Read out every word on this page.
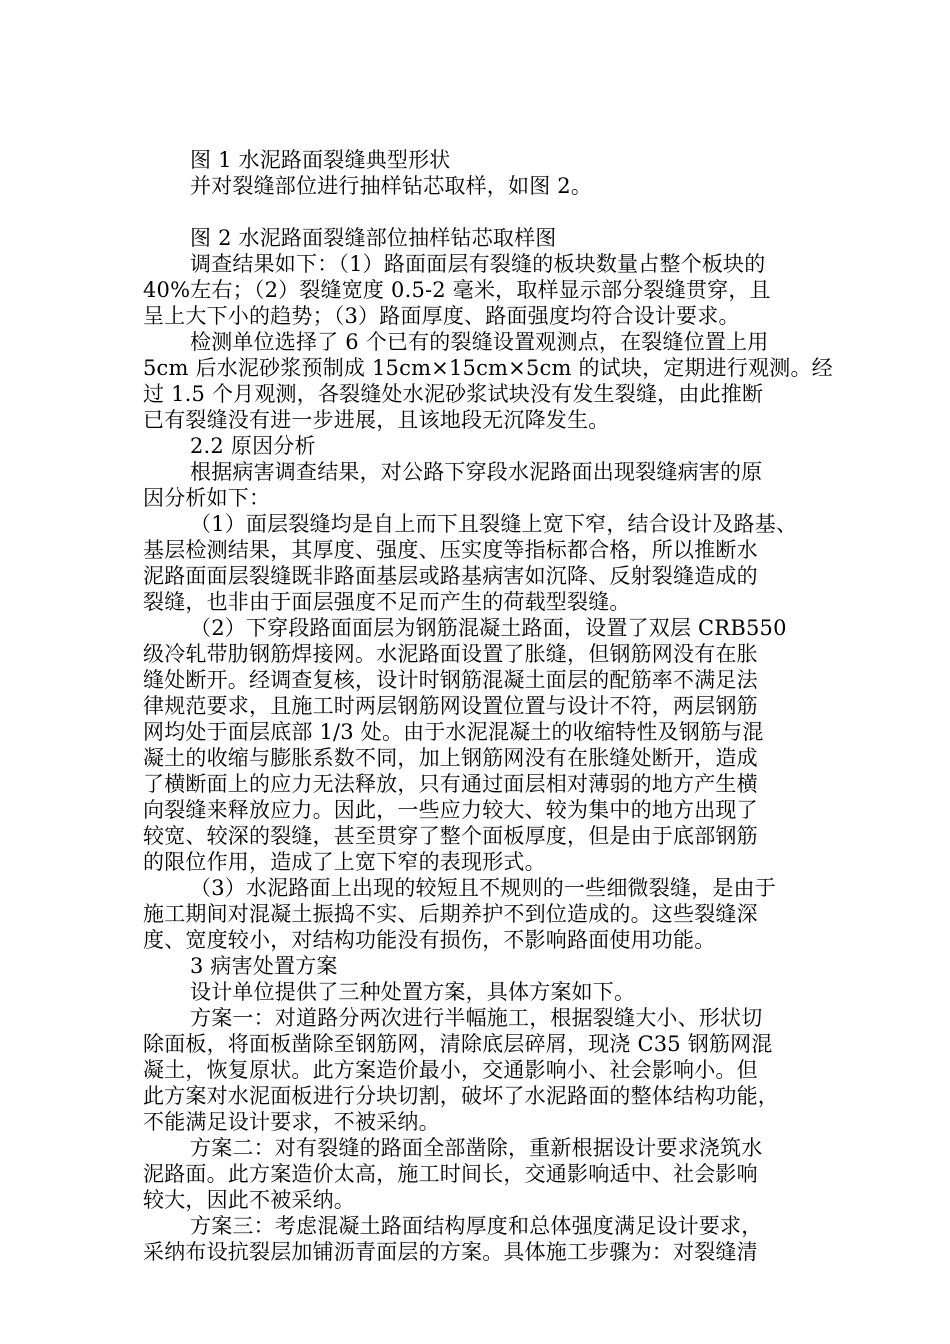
图 1 水泥路面裂缝典型形状
并对裂缝部位进行抽样钻芯取样，如图 2。
图 2 水泥路面裂缝部位抽样钻芯取样图
调查结果如下：（1）路面面层有裂缝的板块数量占整个板块的
40%左右；（2）裂缝宽度 0.5-2 毫米，取样显示部分裂缝贯穿，且
呈上大下小的趋势；（3）路面厚度、路面强度均符合设计要求。
检测单位选择了 6 个已有的裂缝设置观测点，在裂缝位置上用
5cm 后水泥砂浆预制成 15cm×15cm×5cm 的试块，定期进行观测。经
过 1.5 个月观测，各裂缝处水泥砂浆试块没有发生裂缝，由此推断
已有裂缝没有进一步进展，且该地段无沉降发生。
2.2 原因分析
根据病害调查结果，对公路下穿段水泥路面出现裂缝病害的原
因分析如下：
（1）面层裂缝均是自上而下且裂缝上宽下窄，结合设计及路基、
基层检测结果，其厚度、强度、压实度等指标都合格，所以推断水
泥路面面层裂缝既非路面基层或路基病害如沉降、反射裂缝造成的
裂缝，也非由于面层强度不足而产生的荷载型裂缝。
（2）下穿段路面面层为钢筋混凝土路面，设置了双层 CRB550
级冷轧带肋钢筋焊接网。水泥路面设置了胀缝，但钢筋网没有在胀
缝处断开。经调查复核，设计时钢筋混凝土面层的配筋率不满足法
律规范要求，且施工时两层钢筋网设置位置与设计不符，两层钢筋
网均处于面层底部 1/3 处。由于水泥混凝土的收缩特性及钢筋与混
凝土的收缩与膨胀系数不同，加上钢筋网没有在胀缝处断开，造成
了横断面上的应力无法释放，只有通过面层相对薄弱的地方产生横
向裂缝来释放应力。因此，一些应力较大、较为集中的地方出现了
较宽、较深的裂缝，甚至贯穿了整个面板厚度，但是由于底部钢筋
的限位作用，造成了上宽下窄的表现形式。
（3）水泥路面上出现的较短且不规则的一些细微裂缝，是由于
施工期间对混凝土振捣不实、后期养护不到位造成的。这些裂缝深
度、宽度较小，对结构功能没有损伤，不影响路面使用功能。
3 病害处置方案
设计单位提供了三种处置方案，具体方案如下。
方案一：对道路分两次进行半幅施工，根据裂缝大小、形状切
除面板，将面板凿除至钢筋网，清除底层碎屑，现浇 C35 钢筋网混
凝土，恢复原状。此方案造价最小，交通影响小、社会影响小。但
此方案对水泥面板进行分块切割，破坏了水泥路面的整体结构功能，
不能满足设计要求，不被采纳。
方案二：对有裂缝的路面全部凿除，重新根据设计要求浇筑水
泥路面。此方案造价太高，施工时间长，交通影响适中、社会影响
较大，因此不被采纳。
方案三：考虑混凝土路面结构厚度和总体强度满足设计要求，
采纳布设抗裂层加铺沥青面层的方案。具体施工步骤为：对裂缝清
